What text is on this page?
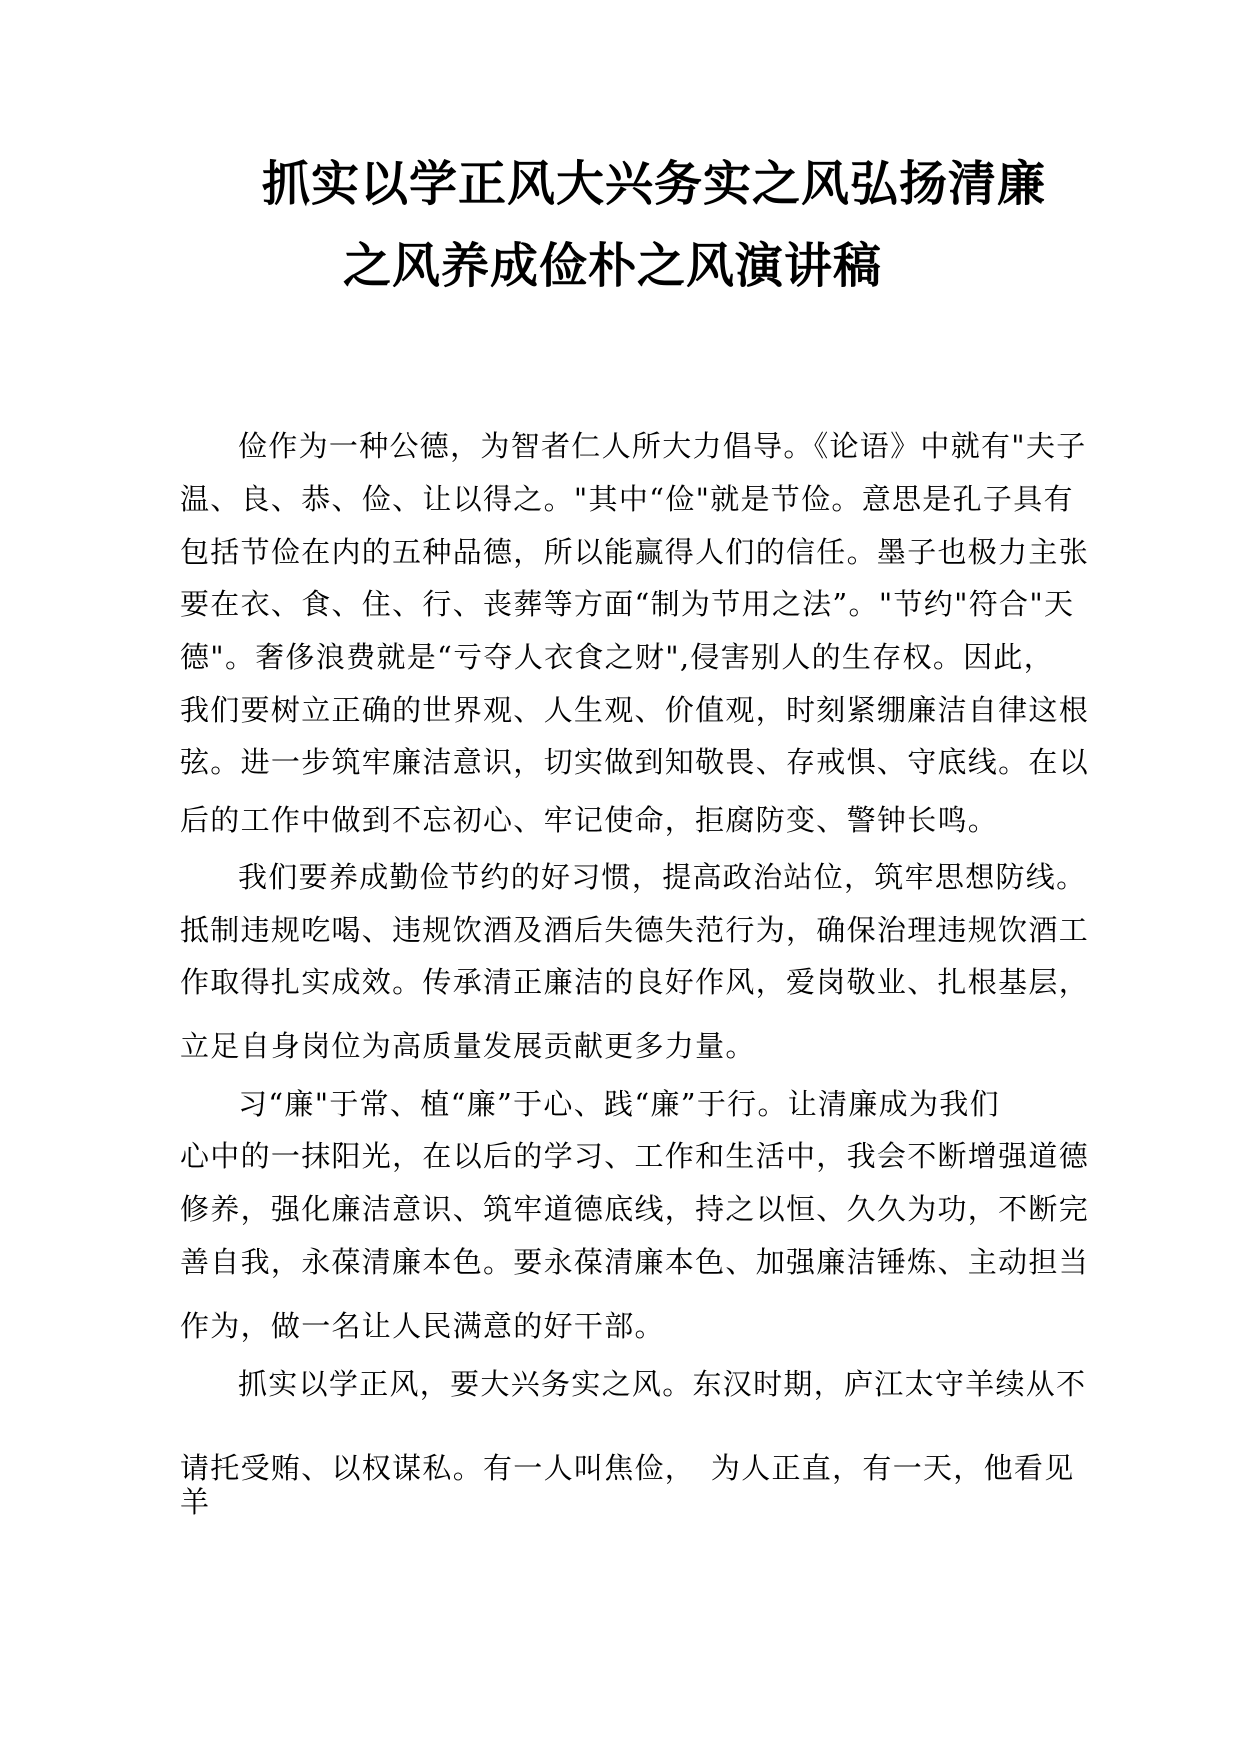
抓实以学正风大兴务实之风弘扬清廉
之风养成俭朴之风演讲稿
俭作为一种公德，为智者仁人所大力倡导。《论语》中就有"夫子
温、良、恭、俭、让以得之。"其中“俭"就是节俭。意思是孔子具有
包括节俭在内的五种品德，所以能赢得人们的信任。墨子也极力主张
要在衣、食、住、行、丧葬等方面“制为节用之法”。"节约"符合"天
德"。奢侈浪费就是“亏夺人衣食之财",侵害别人的生存权。因此，
我们要树立正确的世界观、人生观、价值观，时刻紧绷廉洁自律这根
弦。进一步筑牢廉洁意识，切实做到知敬畏、存戒惧、守底线。在以
后的工作中做到不忘初心、牢记使命，拒腐防变、警钟长鸣。
我们要养成勤俭节约的好习惯，提高政治站位，筑牢思想防线。
抵制违规吃喝、违规饮酒及酒后失德失范行为，确保治理违规饮酒工
作取得扎实成效。传承清正廉洁的良好作风，爱岗敬业、扎根基层，
立足自身岗位为高质量发展贡献更多力量。
习“廉"于常、植“廉”于心、践“廉”于行。让清廉成为我们
心中的一抹阳光，在以后的学习、工作和生活中，我会不断增强道德
修养，强化廉洁意识、筑牢道德底线，持之以恒、久久为功，不断完
善自我，永葆清廉本色。要永葆清廉本色、加强廉洁锤炼、主动担当
作为，做一名让人民满意的好干部。
抓实以学正风，要大兴务实之风。东汉时期，庐江太守羊续从不
请托受贿、以权谋私。有一人叫焦俭，　为人正直，有一天，他看见
羊
